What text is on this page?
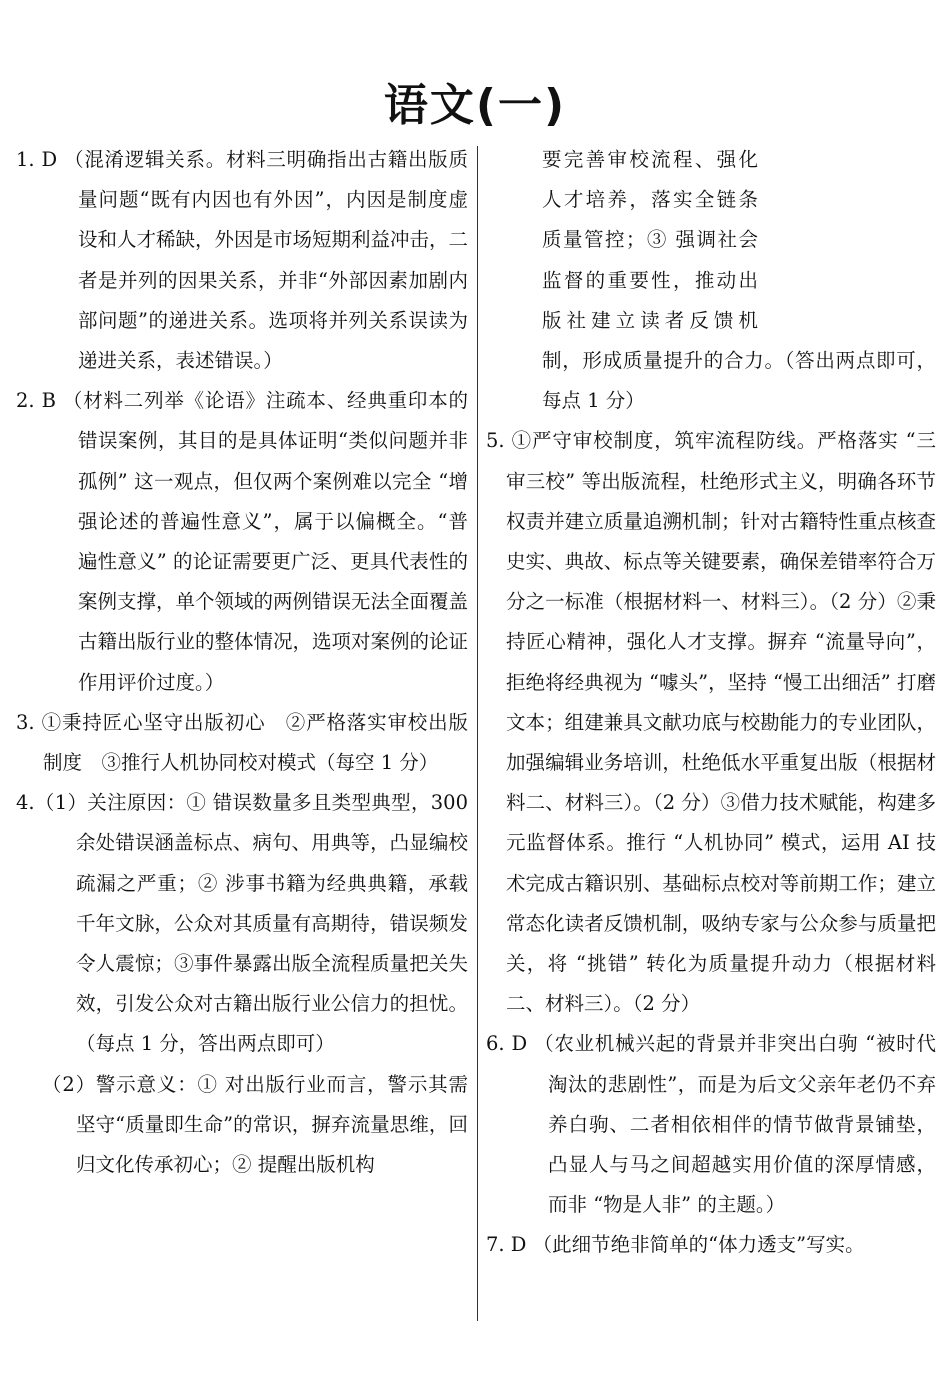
语文(一)
1. D （混淆逻辑关系。材料三明确指出古籍出版质量问题“既有内因也有外因”，内因是制度虚设和人才稀缺，外因是市场短期利益冲击，二者是并列的因果关系，并非“外部因素加剧内部问题”的递进关系。选项将并列关系误读为递进关系，表述错误。）
2. B （材料二列举《论语》注疏本、经典重印本的错误案例，其目的是具体证明“类似问题并非孤例” 这一观点，但仅两个案例难以完全 “增强论述的普遍性意义”，属于以偏概全。“普遍性意义” 的论证需要更广泛、更具代表性的案例支撑，单个领域的两例错误无法全面覆盖古籍出版行业的整体情况，选项对案例的论证作用评价过度。）
3. ①秉持匠心坚守出版初心　②严格落实审校出版制度　③推行人机协同校对模式（每空 1 分）
4.（1）关注原因：① 错误数量多且类型典型，300 余处错误涵盖标点、病句、用典等，凸显编校疏漏之严重；② 涉事书籍为经典典籍，承载千年文脉，公众对其质量有高期待，错误频发令人震惊；③事件暴露出版全流程质量把关失效，引发公众对古籍出版行业公信力的担忧。（每点 1 分，答出两点即可）
（2）警示意义：① 对出版行业而言，警示其需坚守“质量即生命”的常识，摒弃流量思维，回归文化传承初心；② 提醒出版机构
要完善审校流程、强化
人才培养，落实全链条
质量管控；③ 强调社会
监督的重要性，推动出
版社建立读者反馈机
制，形成质量提升的合力。（答出两点即可，每点 1 分）
5. ①严守审校制度，筑牢流程防线。严格落实 “三审三校” 等出版流程，杜绝形式主义，明确各环节权责并建立质量追溯机制；针对古籍特性重点核查史实、典故、标点等关键要素，确保差错率符合万分之一标准（根据材料一、材料三）。（2 分）②秉持匠心精神，强化人才支撑。摒弃 “流量导向”，拒绝将经典视为 “噱头”，坚持 “慢工出细活” 打磨文本；组建兼具文献功底与校勘能力的专业团队，加强编辑业务培训，杜绝低水平重复出版（根据材料二、材料三）。（2 分）③借力技术赋能，构建多元监督体系。推行 “人机协同” 模式，运用 AI 技术完成古籍识别、基础标点校对等前期工作；建立常态化读者反馈机制，吸纳专家与公众参与质量把关，将 “挑错” 转化为质量提升动力（根据材料二、材料三）。（2 分）
6. D （农业机械兴起的背景并非突出白驹 “被时代淘汰的悲剧性”，而是为后文父亲年老仍不弃养白驹、二者相依相伴的情节做背景铺垫，凸显人与马之间超越实用价值的深厚情感，而非 “物是人非” 的主题。）
7. D （此细节绝非简单的“体力透支”写实。
